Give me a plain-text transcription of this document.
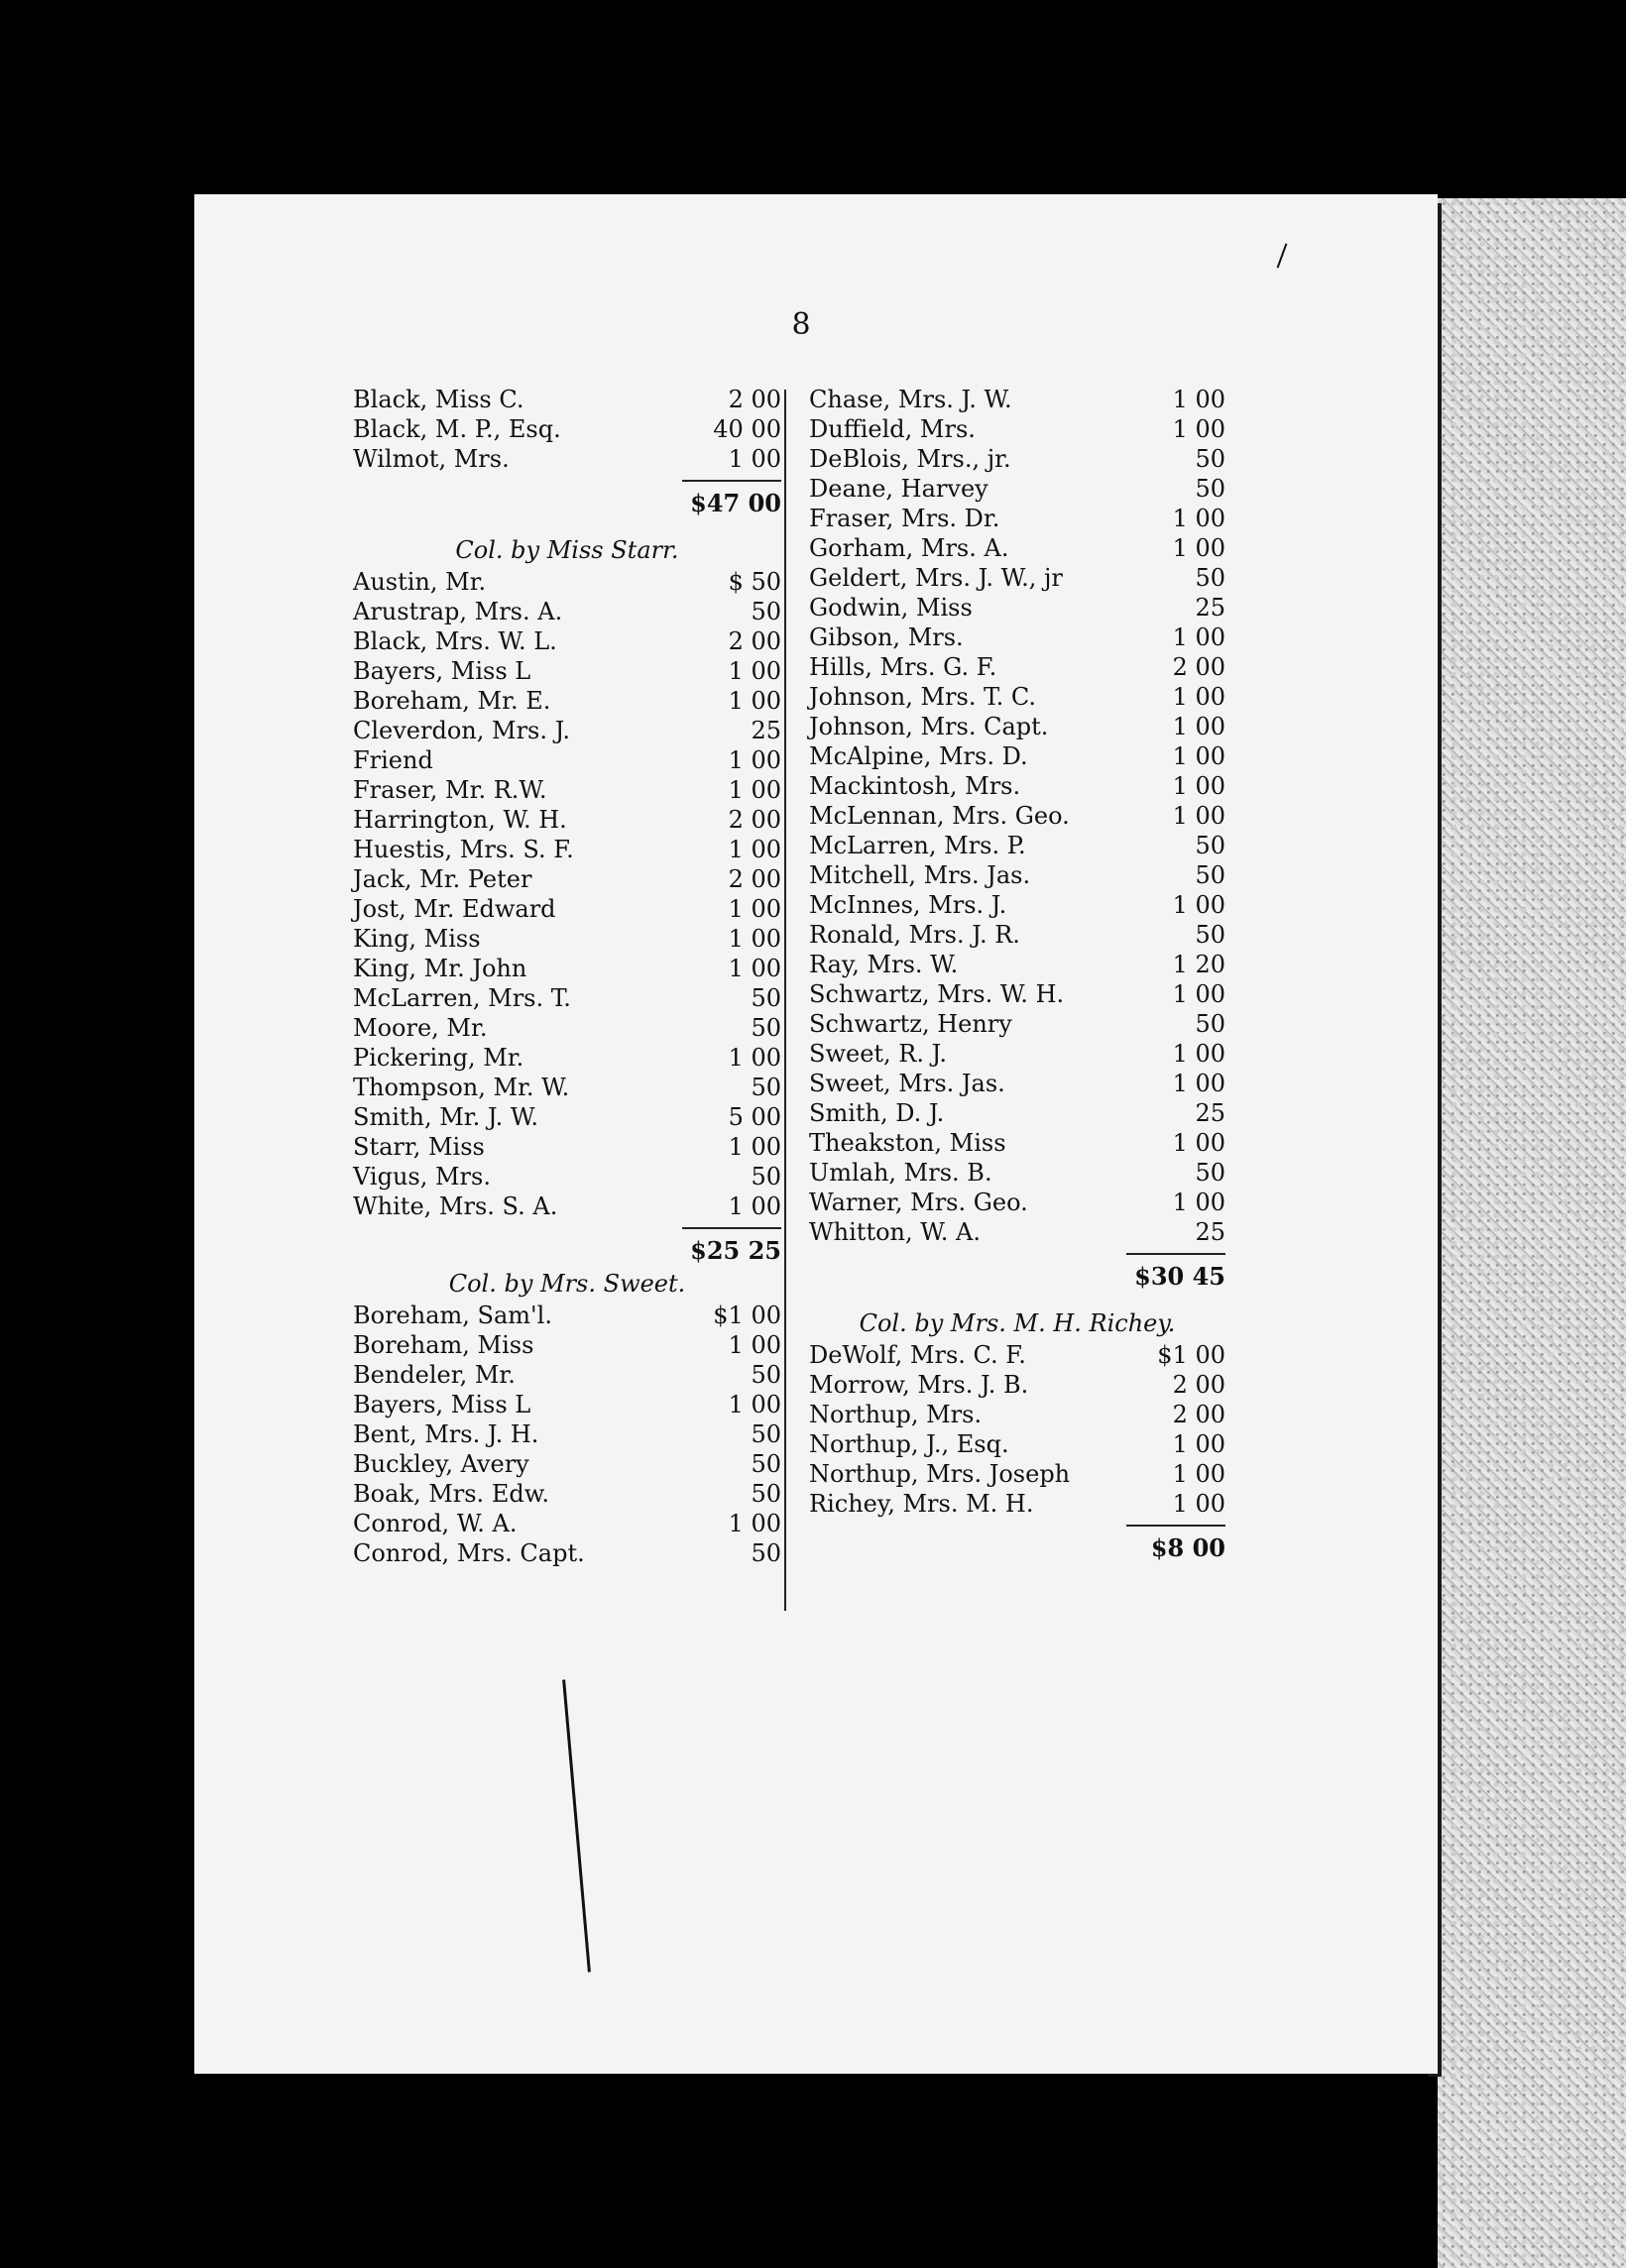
8
Black, Miss C.	2 00
Black, M. P., Esq.	40 00
Wilmot, Mrs.	1 00
$47 00
Col. by Miss Starr.
Austin, Mr.	$ 50
Arustrap, Mrs. A.	50
Black, Mrs. W. L.	2 00
Bayers, Miss L	1 00
Boreham, Mr. E.	1 00
Cleverdon, Mrs. J.	25
Friend	1 00
Fraser, Mr. R.W.	1 00
Harrington, W. H.	2 00
Huestis, Mrs. S. F.	1 00
Jack, Mr. Peter	2 00
Jost, Mr. Edward	1 00
King, Miss	1 00
King, Mr. John	1 00
McLarren, Mrs. T.	50
Moore, Mr.	50
Pickering, Mr.	1 00
Thompson, Mr. W.	50
Smith, Mr. J. W.	5 00
Starr, Miss	1 00
Vigus, Mrs.	50
White, Mrs. S. A.	1 00
$25 25
Col. by Mrs. Sweet.
Boreham, Sam'l.	$1 00
Boreham, Miss	1 00
Bendeler, Mr.	50
Bayers, Miss L	1 00
Bent, Mrs. J. H.	50
Buckley, Avery	50
Boak, Mrs. Edw.	50
Conrod, W. A.	1 00
Conrod, Mrs. Capt.	50
Chase, Mrs. J. W.	1 00
Duffield, Mrs.	1 00
DeBlois, Mrs., jr.	50
Deane, Harvey	50
Fraser, Mrs. Dr.	1 00
Gorham, Mrs. A.	1 00
Geldert, Mrs. J. W., jr	50
Godwin, Miss	25
Gibson, Mrs.	1 00
Hills, Mrs. G. F.	2 00
Johnson, Mrs. T. C.	1 00
Johnson, Mrs. Capt.	1 00
McAlpine, Mrs. D.	1 00
Mackintosh, Mrs.	1 00
McLennan, Mrs. Geo.	1 00
McLarren, Mrs. P.	50
Mitchell, Mrs. Jas.	50
McInnes, Mrs. J.	1 00
Ronald, Mrs. J. R.	50
Ray, Mrs. W.	1 20
Schwartz, Mrs. W. H.	1 00
Schwartz, Henry	50
Sweet, R. J.	1 00
Sweet, Mrs. Jas.	1 00
Smith, D. J.	25
Theakston, Miss	1 00
Umlah, Mrs. B.	50
Warner, Mrs. Geo.	1 00
Whitton, W. A.	25
$30 45
Col. by Mrs. M. H. Richey.
DeWolf, Mrs. C. F.	$1 00
Morrow, Mrs. J. B.	2 00
Northup, Mrs.	2 00
Northup, J., Esq.	1 00
Northup, Mrs. Joseph	1 00
Richey, Mrs. M. H.	1 00
$8 00
